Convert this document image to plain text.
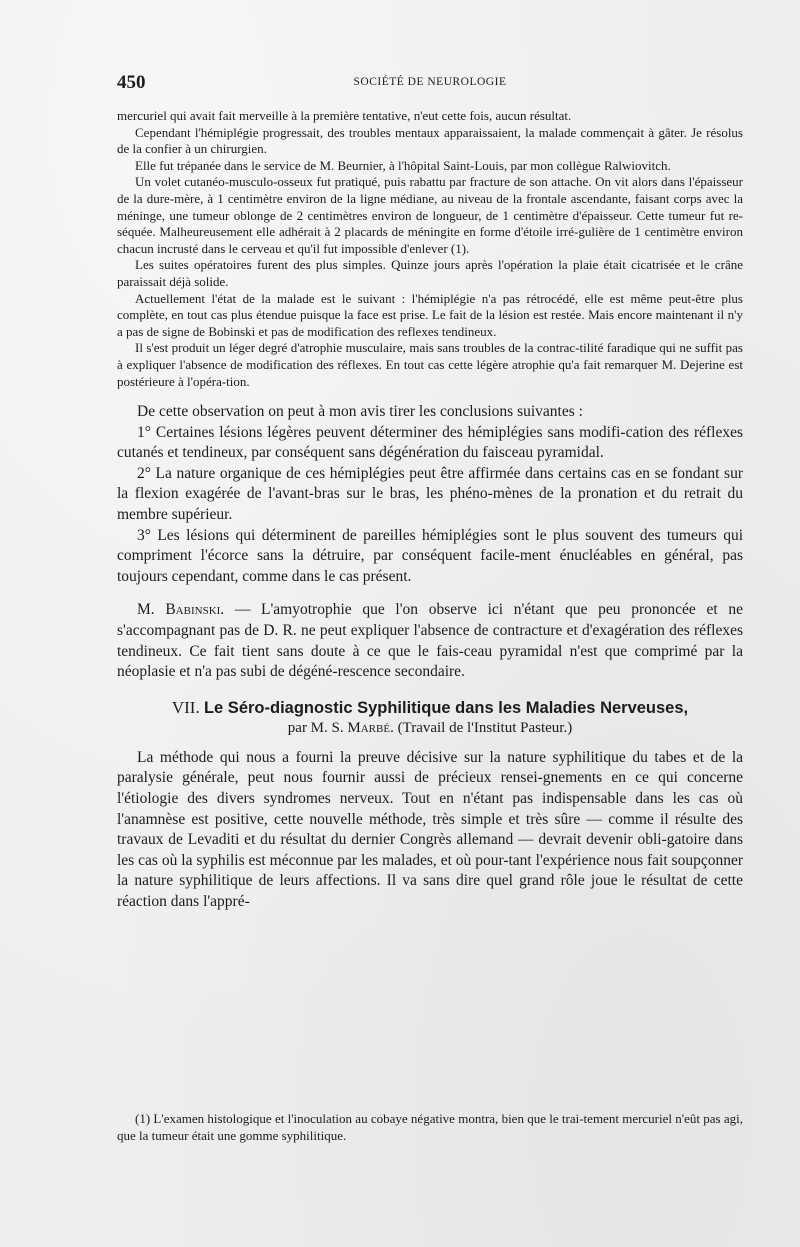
450	SOCIÉTÉ DE NEUROLOGIE

mercuriel qui avait fait merveille à la première tentative, n'eut cette fois, aucun résultat.

Cependant l'hémiplégie progressait, des troubles mentaux apparaissaient, la malade commençait à gâter. Je résolus de la confier à un chirurgien.

Elle fut trépanée dans le service de M. Beurnier, à l'hôpital Saint-Louis, par mon collègue Ralwiovitch.

Un volet cutanéo-musculo-osseux fut pratiqué, puis rabattu par fracture de son attache. On vit alors dans l'épaisseur de la dure-mère, à 1 centimètre environ de la ligne médiane, au niveau de la frontale ascendante, faisant corps avec la méninge, une tumeur oblonge de 2 centimètres environ de longueur, de 1 centimètre d'épaisseur. Cette tumeur fut re-séquée. Malheureusement elle adhérait à 2 placards de méningite en forme d'étoile irré-gulière de 1 centimètre environ chacun incrusté dans le cerveau et qu'il fut impossible d'enlever (1).

Les suites opératoires furent des plus simples. Quinze jours après l'opération la plaie était cicatrisée et le crâne paraissait déjà solide.

Actuellement l'état de la malade est le suivant : l'hémiplégie n'a pas rétrocédé, elle est même peut-être plus complète, en tout cas plus étendue puisque la face est prise. Le fait de la lésion est restée. Mais encore maintenant il n'y a pas de signe de Bobinski et pas de modification des reflexes tendineux.

Il s'est produit un léger degré d'atrophie musculaire, mais sans troubles de la contrac-tilité faradique qui ne suffit pas à expliquer l'absence de modification des réflexes. En tout cas cette légère atrophie qu'a fait remarquer M. Dejerine est postérieure à l'opéra-tion.

De cette observation on peut à mon avis tirer les conclusions suivantes :

1° Certaines lésions légères peuvent déterminer des hémiplégies sans modifi-cation des réflexes cutanés et tendineux, par conséquent sans dégénération du faisceau pyramidal.

2° La nature organique de ces hémiplégies peut être affirmée dans certains cas en se fondant sur la flexion exagérée de l'avant-bras sur le bras, les phéno-mènes de la pronation et du retrait du membre supérieur.

3° Les lésions qui déterminent de pareilles hémiplégies sont le plus souvent des tumeurs qui compriment l'écorce sans la détruire, par conséquent facile-ment énucléables en général, pas toujours cependant, comme dans le cas présent.

M. Babinski. — L'amyotrophie que l'on observe ici n'étant que peu prononcée et ne s'accompagnant pas de D. R. ne peut expliquer l'absence de contracture et d'exagération des réflexes tendineux. Ce fait tient sans doute à ce que le fais-ceau pyramidal n'est que comprimé par la néoplasie et n'a pas subi de dégéné-rescence secondaire.

VII. Le Séro-diagnostic Syphilitique dans les Maladies Nerveuses,
par M. S. Marbé. (Travail de l'Institut Pasteur.)

La méthode qui nous a fourni la preuve décisive sur la nature syphilitique du tabes et de la paralysie générale, peut nous fournir aussi de précieux rensei-gnements en ce qui concerne l'étiologie des divers syndromes nerveux. Tout en n'étant pas indispensable dans les cas où l'anamnèse est positive, cette nouvelle méthode, très simple et très sûre — comme il résulte des travaux de Levaditi et du résultat du dernier Congrès allemand — devrait devenir obli-gatoire dans les cas où la syphilis est méconnue par les malades, et où pour-tant l'expérience nous fait soupçonner la nature syphilitique de leurs affections. Il va sans dire quel grand rôle joue le résultat de cette réaction dans l'appré-

(1) L'examen histologique et l'inoculation au cobaye négative montra, bien que le trai-tement mercuriel n'eût pas agi, que la tumeur était une gomme syphilitique.
